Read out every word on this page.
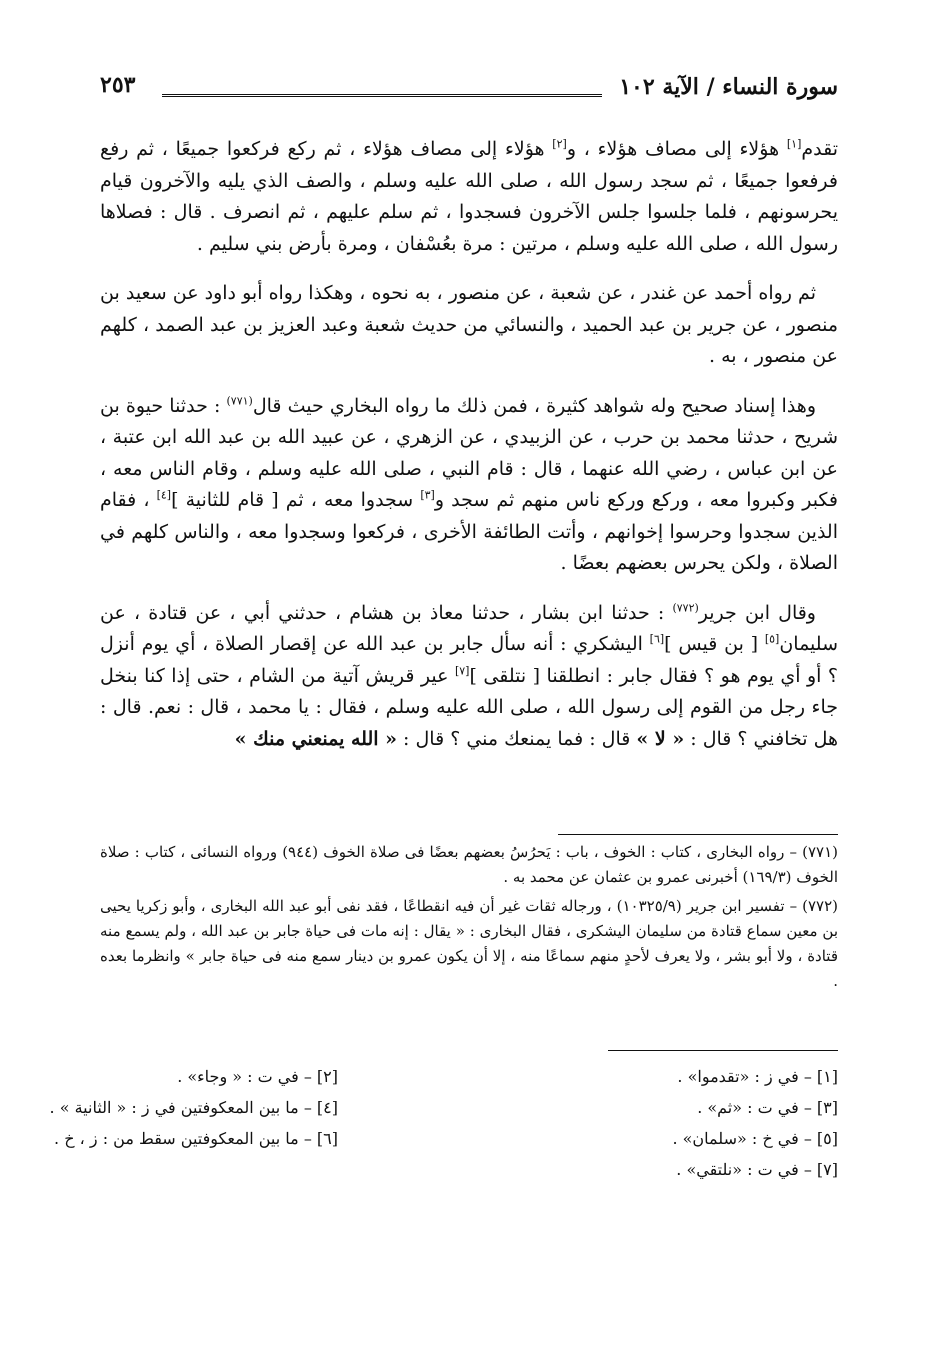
سورة النساء / الآية ١٠٢
٢٥٣

تقدم[١] هؤلاء إلى مصاف هؤلاء ، و[٢] هؤلاء إلى مصاف هؤلاء ، ثم ركع فركعوا جميعًا ، ثم رفع فرفعوا جميعًا ، ثم سجد رسول الله ، صلى الله عليه وسلم ، والصف الذي يليه والآخرون قيام يحرسونهم ، فلما جلسوا جلس الآخرون فسجدوا ، ثم سلم عليهم ، ثم انصرف . قال : فصلاها رسول الله ، صلى الله عليه وسلم ، مرتين : مرة بعُسْفان ، ومرة بأرض بني سليم .

ثم رواه أحمد عن غندر ، عن شعبة ، عن منصور ، به نحوه ، وهكذا رواه أبو داود عن سعيد بن منصور ، عن جرير بن عبد الحميد ، والنسائي من حديث شعبة وعبد العزيز بن عبد الصمد ، كلهم عن منصور ، به .

وهذا إسناد صحيح وله شواهد كثيرة ، فمن ذلك ما رواه البخاري حيث قال$^{(٧٧١)}$ : حدثنا حيوة بن شريح ، حدثنا محمد بن حرب ، عن الزبيدي ، عن الزهري ، عن عبيد الله بن عبد الله ابن عتبة ، عن ابن عباس ، رضي الله عنهما ، قال : قام النبي ، صلى الله عليه وسلم ، وقام الناس معه ، فكبر وكبروا معه ، وركع وركع ناس منهم ثم سجد و[٣] سجدوا معه ، ثم [ قام للثانية ][٤] ، فقام الذين سجدوا وحرسوا إخوانهم ، وأتت الطائفة الأخرى ، فركعوا وسجدوا معه ، والناس كلهم في الصلاة ، ولكن يحرس بعضهم بعضًا .

وقال ابن جرير$^{(٧٧٢)}$ : حدثنا ابن بشار ، حدثنا معاذ بن هشام ، حدثني أبي ، عن قتادة ، عن سليمان[٥] [ بن قيس ][٦] اليشكري : أنه سأل جابر بن عبد الله عن إقصار الصلاة ، أي يوم أنزل ؟ أو أي يوم هو ؟ فقال جابر : انطلقنا [ نتلقى ][٧] عير قريش آتية من الشام ، حتى إذا كنا بنخل جاء رجل من القوم إلى رسول الله ، صلى الله عليه وسلم ، فقال : يا محمد ، قال : نعم. قال : هل تخافني ؟ قال : « لا » قال : فما يمنعك مني ؟ قال : « الله يمنعني منك »

(٧٧١) – رواه البخارى ، كتاب : الخوف ، باب : يَحرُسُ بعضهم بعضًا فى صلاة الخوف (٩٤٤) ورواه النسائى ، كتاب : صلاة الخوف (١٦٩/٣) أخبرنى عمرو بن عثمان عن محمد به .

(٧٧٢) – تفسير ابن جرير (١٠٣٢٥/٩) ، ورجاله ثقات غير أن فيه انقطاعًا ، فقد نفى أبو عبد الله البخارى ، وأبو زكريا يحيى بن معين سماع قتادة من سليمان اليشكرى ، فقال البخارى : « يقال : إنه مات فى حياة جابر بن عبد الله ، ولم يسمع منه قتادة ، ولا أبو بشر ، ولا يعرف لأحدٍ منهم سماعًا منه ، إلا أن يكون عمرو بن دينار سمع منه فى حياة جابر » وانظرما بعده .

[١] – في ز : «تقدموا» .
[٣] – في ت : «ثم» .
[٥] – في خ : «سلمان» .
[٧] – في ت : «نلتقي» .
[٢] – في ت : « وجاء» .
[٤] – ما بين المعكوفتين في ز : « الثانية » .
[٦] – ما بين المعكوفتين سقط من : ز ، خ .
